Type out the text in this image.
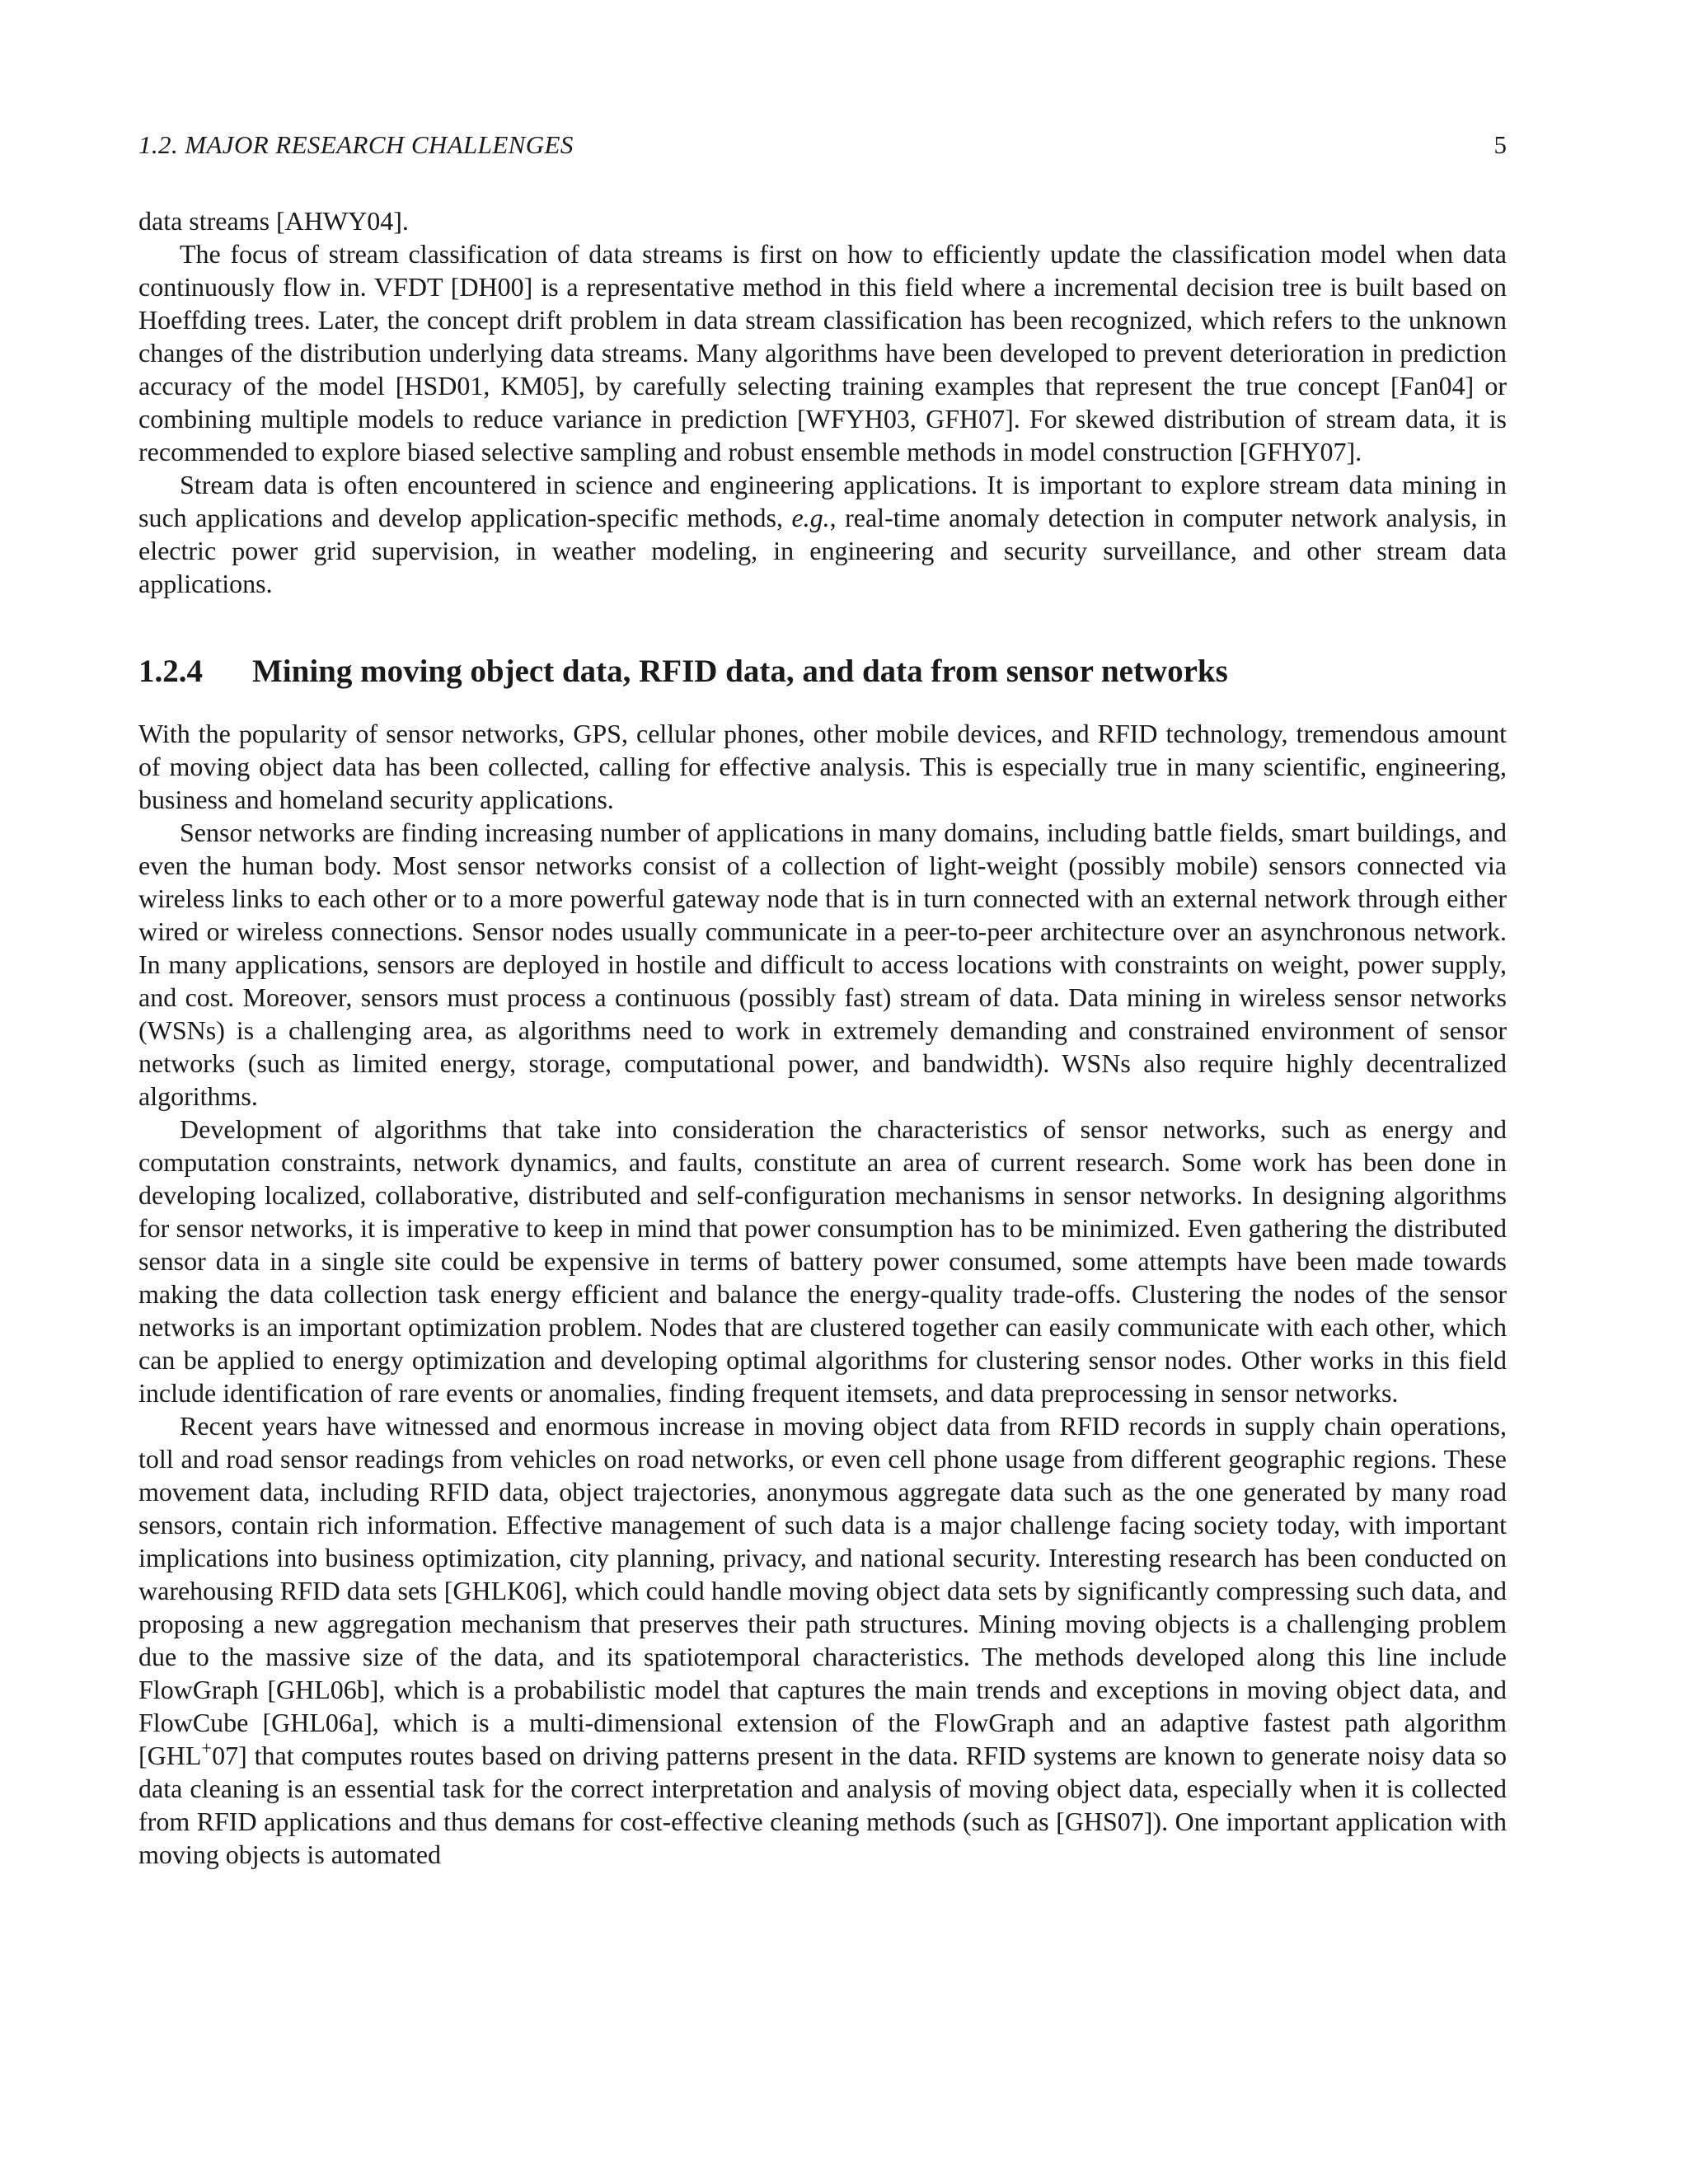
1.2. MAJOR RESEARCH CHALLENGES	5

data streams [AHWY04].

The focus of stream classification of data streams is first on how to efficiently update the classification model when data continuously flow in. VFDT [DH00] is a representative method in this field where a incremental decision tree is built based on Hoeffding trees. Later, the concept drift problem in data stream classification has been recognized, which refers to the unknown changes of the distribution underlying data streams. Many algorithms have been developed to prevent deterioration in prediction accuracy of the model [HSD01, KM05], by carefully selecting training examples that represent the true concept [Fan04] or combining multiple models to reduce variance in prediction [WFYH03, GFH07]. For skewed distribution of stream data, it is recommended to explore biased selective sampling and robust ensemble methods in model construction [GFHY07].

Stream data is often encountered in science and engineering applications. It is important to explore stream data mining in such applications and develop application-specific methods, e.g., real-time anomaly detection in computer network analysis, in electric power grid supervision, in weather modeling, in engineering and security surveillance, and other stream data applications.

1.2.4	Mining moving object data, RFID data, and data from sensor networks

With the popularity of sensor networks, GPS, cellular phones, other mobile devices, and RFID technology, tremendous amount of moving object data has been collected, calling for effective analysis. This is especially true in many scientific, engineering, business and homeland security applications.

Sensor networks are finding increasing number of applications in many domains, including battle fields, smart buildings, and even the human body. Most sensor networks consist of a collection of light-weight (possibly mobile) sensors connected via wireless links to each other or to a more powerful gateway node that is in turn connected with an external network through either wired or wireless connections. Sensor nodes usually communicate in a peer-to-peer architecture over an asynchronous network. In many applications, sensors are deployed in hostile and difficult to access locations with constraints on weight, power supply, and cost. Moreover, sensors must process a continuous (possibly fast) stream of data. Data mining in wireless sensor networks (WSNs) is a challenging area, as algorithms need to work in extremely demanding and constrained environment of sensor networks (such as limited energy, storage, computational power, and bandwidth). WSNs also require highly decentralized algorithms.

Development of algorithms that take into consideration the characteristics of sensor networks, such as energy and computation constraints, network dynamics, and faults, constitute an area of current research. Some work has been done in developing localized, collaborative, distributed and self-configuration mechanisms in sensor networks. In designing algorithms for sensor networks, it is imperative to keep in mind that power consumption has to be minimized. Even gathering the distributed sensor data in a single site could be expensive in terms of battery power consumed, some attempts have been made towards making the data collection task energy efficient and balance the energy-quality trade-offs. Clustering the nodes of the sensor networks is an important optimization problem. Nodes that are clustered together can easily communicate with each other, which can be applied to energy optimization and developing optimal algorithms for clustering sensor nodes. Other works in this field include identification of rare events or anomalies, finding frequent itemsets, and data preprocessing in sensor networks.

Recent years have witnessed and enormous increase in moving object data from RFID records in supply chain operations, toll and road sensor readings from vehicles on road networks, or even cell phone usage from different geographic regions. These movement data, including RFID data, object trajectories, anonymous aggregate data such as the one generated by many road sensors, contain rich information. Effective management of such data is a major challenge facing society today, with important implications into business optimization, city planning, privacy, and national security. Interesting research has been conducted on warehousing RFID data sets [GHLK06], which could handle moving object data sets by significantly compressing such data, and proposing a new aggregation mechanism that preserves their path structures. Mining moving objects is a challenging problem due to the massive size of the data, and its spatiotemporal characteristics. The methods developed along this line include FlowGraph [GHL06b], which is a probabilistic model that captures the main trends and exceptions in moving object data, and FlowCube [GHL06a], which is a multi-dimensional extension of the FlowGraph and an adaptive fastest path algorithm [GHL+07] that computes routes based on driving patterns present in the data. RFID systems are known to generate noisy data so data cleaning is an essential task for the correct interpretation and analysis of moving object data, especially when it is collected from RFID applications and thus demans for cost-effective cleaning methods (such as [GHS07]). One important application with moving objects is automated
